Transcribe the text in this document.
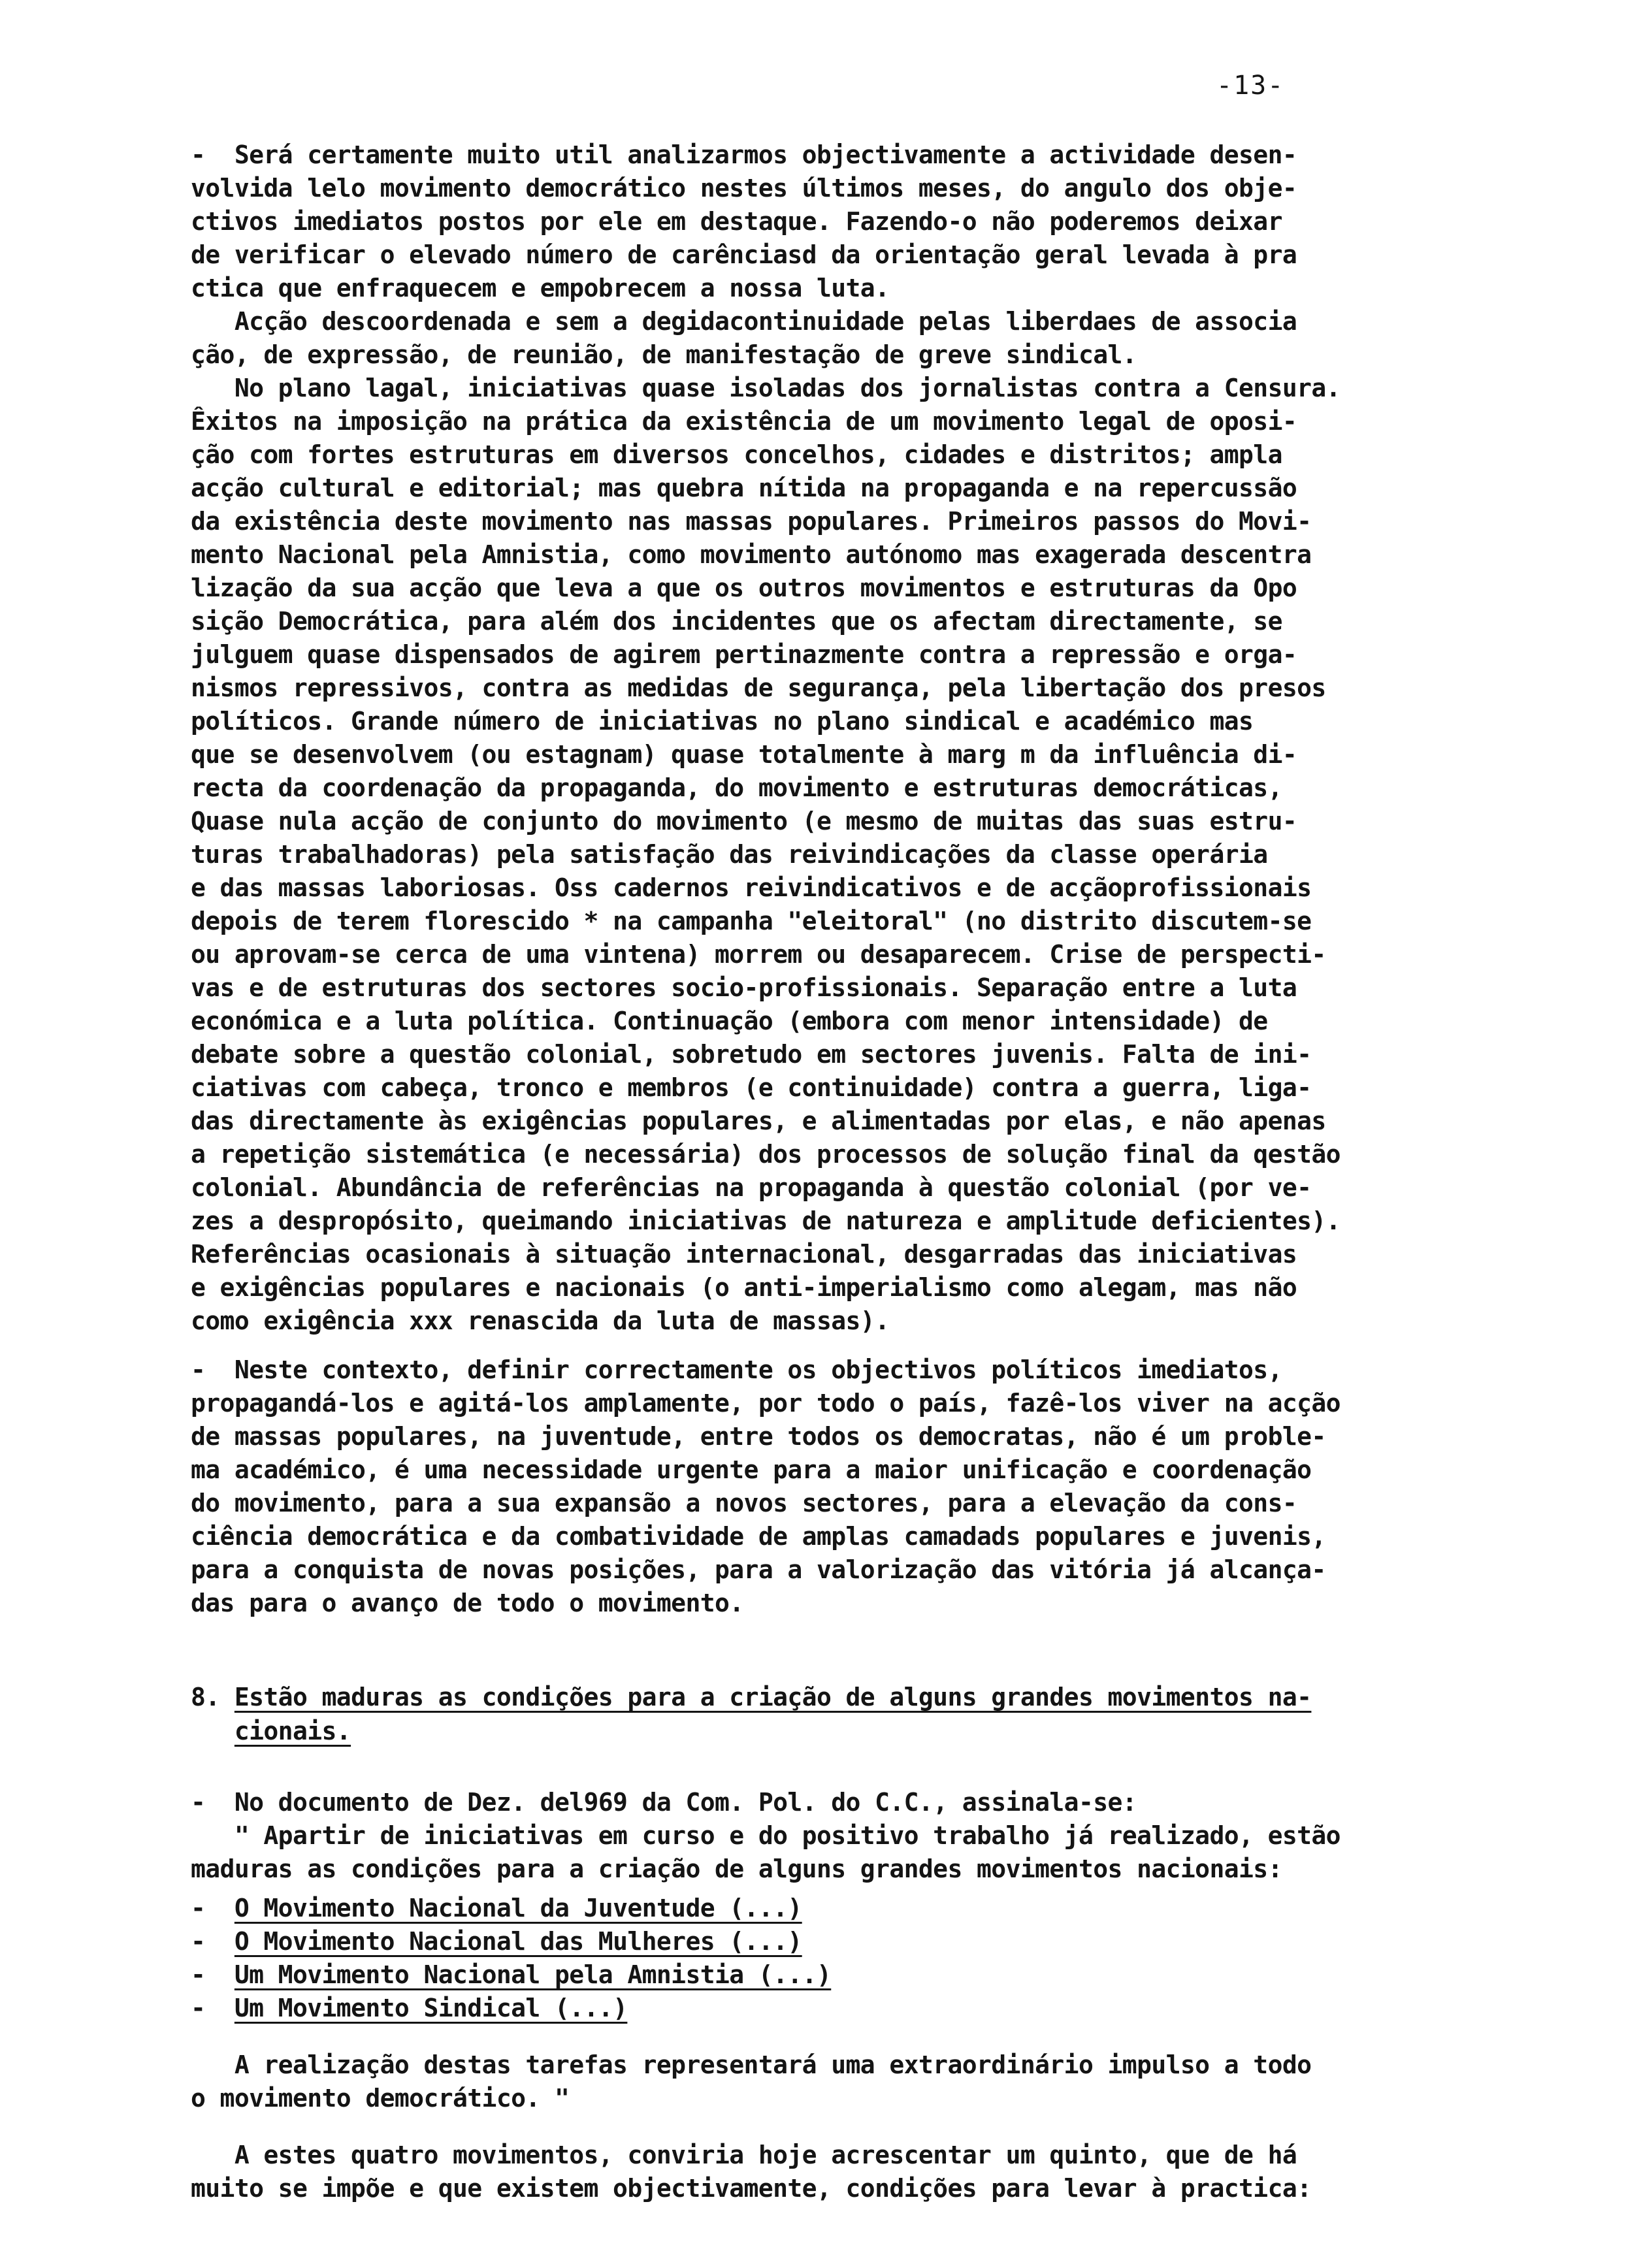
-13-
-  Será certamente muito util analizarmos objectivamente a actividade desen-
volvida lelo movimento democrático nestes últimos meses, do angulo dos obje-
ctivos imediatos postos por ele em destaque. Fazendo-o não poderemos deixar
de verificar o elevado número de carênciasd da orientação geral levada à pra
ctica que enfraquecem e empobrecem a nossa luta.
Acção descoordenada e sem a degidacontinuidade pelas liberdaes de associa
ção, de expressão, de reunião, de manifestação de greve sindical.
No plano lagal, iniciativas quase isoladas dos jornalistas contra a Censura.
Êxitos na imposição na prática da existência de um movimento legal de oposi-
ção com fortes estruturas em diversos concelhos, cidades e distritos; ampla
acção cultural e editorial; mas quebra nítida na propaganda e na repercussão
da existência deste movimento nas massas populares. Primeiros passos do Movi-
mento Nacional pela Amnistia, como movimento autónomo mas exagerada descentra
lização da sua acção que leva a que os outros movimentos e estruturas da Opo
sição Democrática, para além dos incidentes que os afectam directamente, se
julguem quase dispensados de agirem pertinazmente contra a repressão e orga-
nismos repressivos, contra as medidas de segurança, pela libertação dos presos
políticos. Grande número de iniciativas no plano sindical e académico mas
que se desenvolvem (ou estagnam) quase totalmente à marg m da influência di-
recta da coordenação da propaganda, do movimento e estruturas democráticas,
Quase nula acção de conjunto do movimento (e mesmo de muitas das suas estru-
turas trabalhadoras) pela satisfação das reivindicações da classe operária
e das massas laboriosas. Oss cadernos reivindicativos e de acçãoprofissionais
depois de terem florescido * na campanha "eleitoral" (no distrito discutem-se
ou aprovam-se cerca de uma vintena) morrem ou desaparecem. Crise de perspecti-
vas e de estruturas dos sectores socio-profissionais. Separação entre a luta
económica e a luta política. Continuação (embora com menor intensidade) de
debate sobre a questão colonial, sobretudo em sectores juvenis. Falta de ini-
ciativas com cabeça, tronco e membros (e continuidade) contra a guerra, liga-
das directamente às exigências populares, e alimentadas por elas, e não apenas
a repetição sistemática (e necessária) dos processos de solução final da qestão
colonial. Abundância de referências na propaganda à questão colonial (por ve-
zes a despropósito, queimando iniciativas de natureza e amplitude deficientes).
Referências ocasionais à situação internacional, desgarradas das iniciativas
e exigências populares e nacionais (o anti-imperialismo como alegam, mas não
como exigência xxx renascida da luta de massas).
-  Neste contexto, definir correctamente os objectivos políticos imediatos,
propagandá-los e agitá-los amplamente, por todo o país, fazê-los viver na acção
de massas populares, na juventude, entre todos os democratas, não é um proble-
ma académico, é uma necessidade urgente para a maior unificação e coordenação
do movimento, para a sua expansão a novos sectores, para a elevação da cons-
ciência democrática e da combatividade de amplas camadads populares e juvenis,
para a conquista de novas posições, para a valorização das vitória já alcança-
das para o avanço de todo o movimento.
8. Estão maduras as condições para a criação de alguns grandes movimentos na-
cionais.
-  No documento de Dez. del969 da Com. Pol. do C.C., assinala-se:
" Apartir de iniciativas em curso e do positivo trabalho já realizado, estão
maduras as condições para a criação de alguns grandes movimentos nacionais:
-  O Movimento Nacional da Juventude (...)
-  O Movimento Nacional das Mulheres (...)
-  Um Movimento Nacional pela Amnistia (...)
-  Um Movimento Sindical (...)
A realização destas tarefas representará uma extraordinário impulso a todo
o movimento democrático. "
A estes quatro movimentos, conviria hoje acrescentar um quinto, que de há
muito se impõe e que existem objectivamente, condições para levar à practica:
